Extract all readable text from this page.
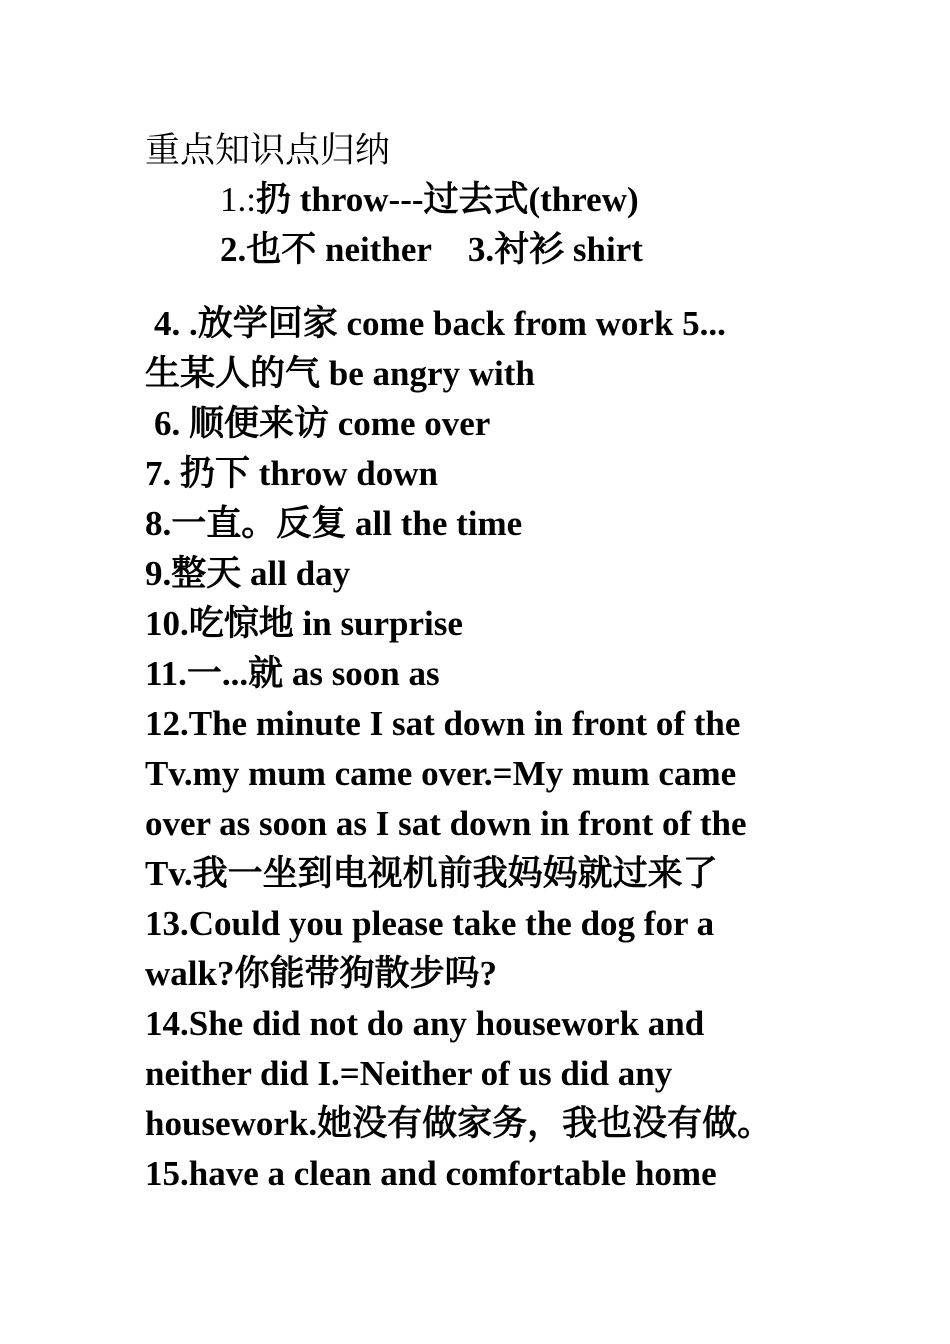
重点知识点归纳
1.:扔 throw---过去式(threw)
2.也不 neither 3.衬衫 shirt

4. .放学回家 come back from work 5...

生某人的气 be angry with

6. 顺便来访 come over

7. 扔下 throw down

8.一直。反复 all the time

9.整天 all day

10.吃惊地 in surprise

11.一...就 as soon as

12.The minute I sat down in front of the

Tv.my mum came over.=My mum came

over as soon as I sat down in front of the

Tv.我一坐到电视机前我妈妈就过来了

13.Could you please take the dog for a

walk?你能带狗散步吗?

14.She did not do any housework and

neither did I.=Neither of us did any

housework.她没有做家务，我也没有做。

15.have a clean and comfortable home
